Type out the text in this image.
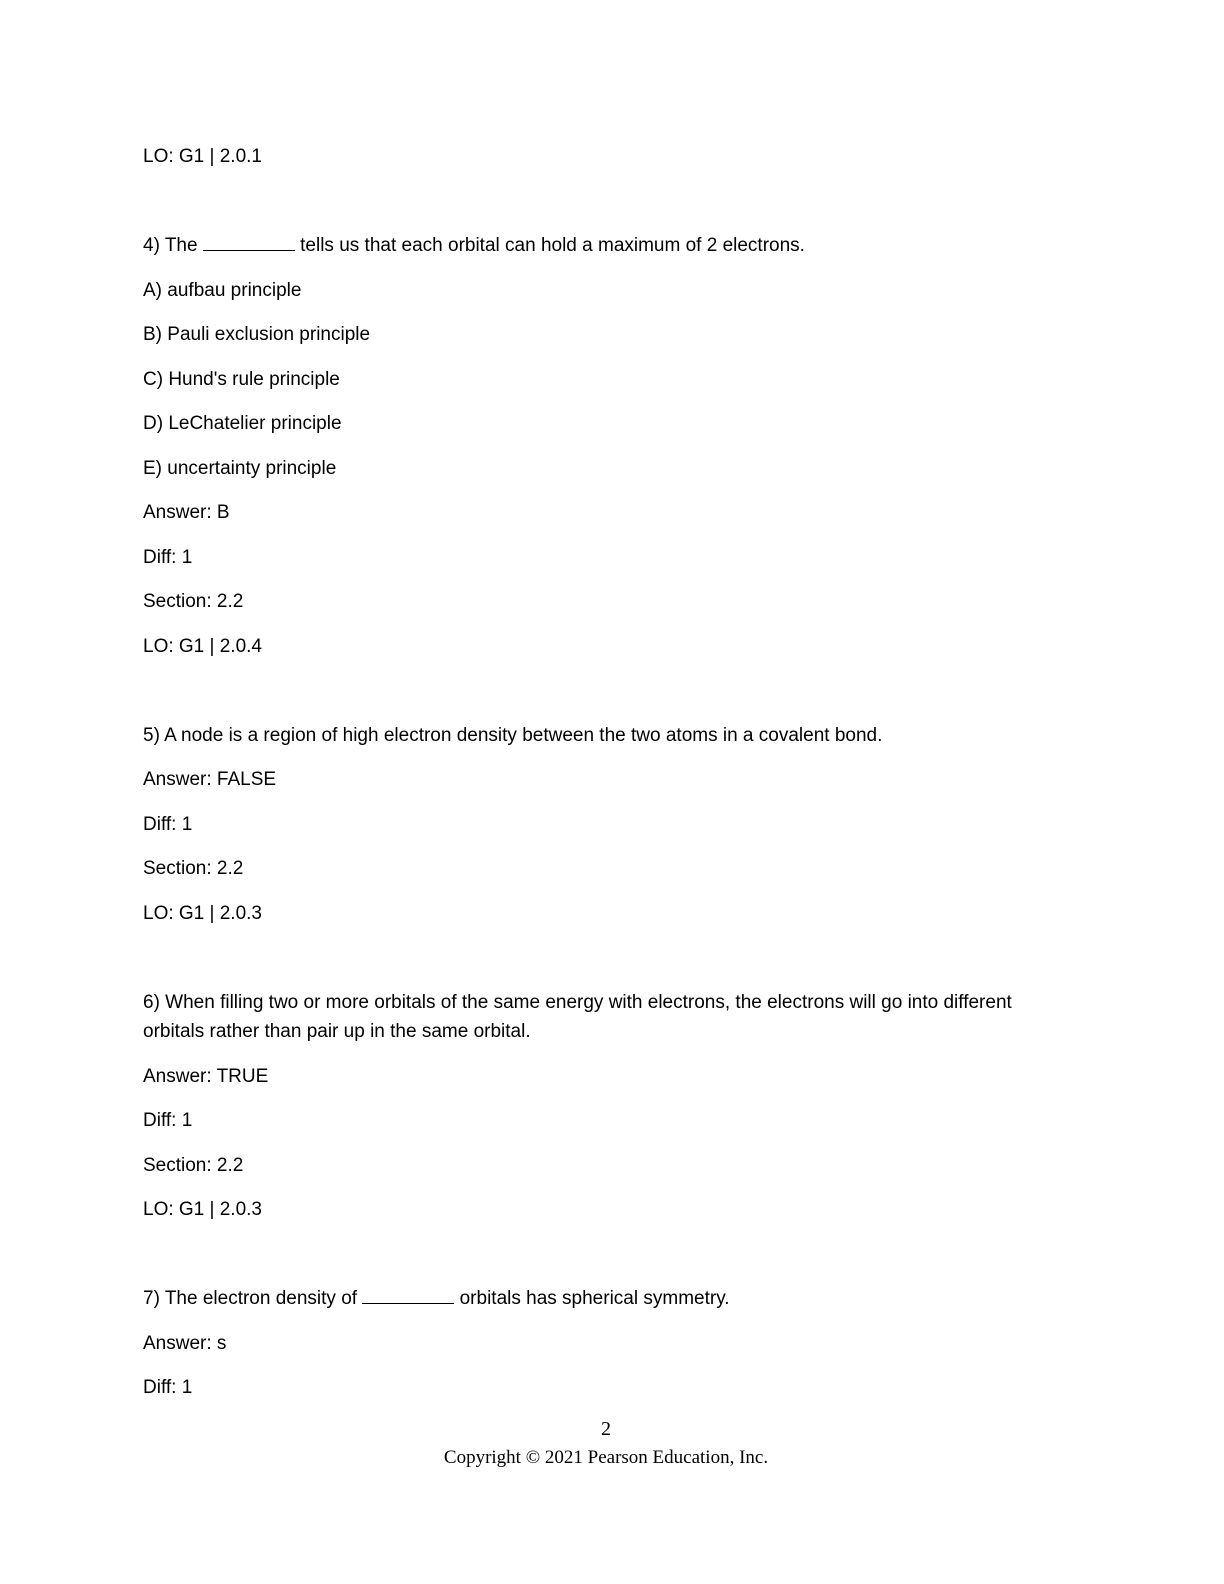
LO: G1 | 2.0.1
4) The	tells us that each orbital can hold a maximum of 2 electrons.
A) aufbau principle
B) Pauli exclusion principle
C) Hund's rule principle
D) LeChatelier principle
E) uncertainty principle
Answer: B
Diff: 1
Section: 2.2
LO: G1 | 2.0.4
5) A node is a region of high electron density between the two atoms in a covalent bond.
Answer: FALSE
Diff: 1
Section: 2.2
LO: G1 | 2.0.3
6) When filling two or more orbitals of the same energy with electrons, the electrons will go into different orbitals rather than pair up in the same orbital.
Answer: TRUE
Diff: 1
Section: 2.2
LO: G1 | 2.0.3
7) The electron density of	orbitals has spherical symmetry.
Answer: s
Diff: 1
2
Copyright © 2021 Pearson Education, Inc.
